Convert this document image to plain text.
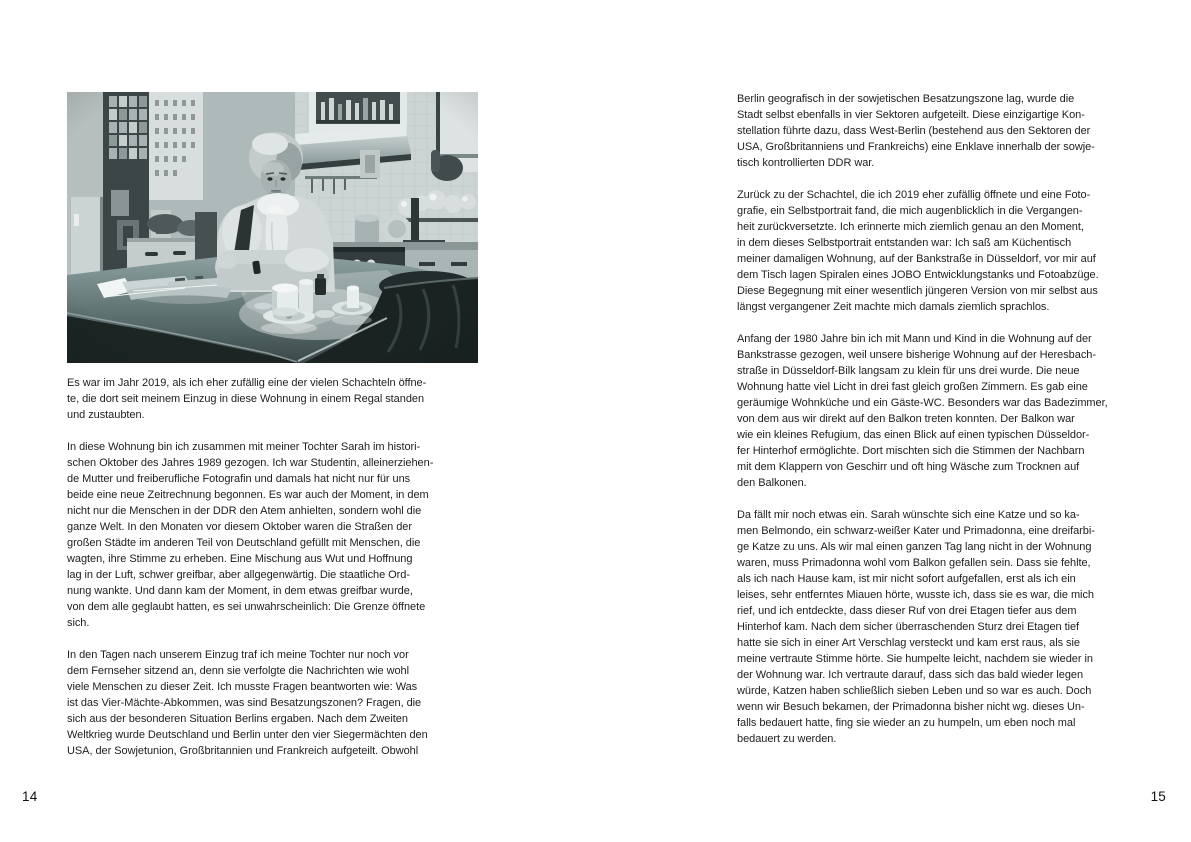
Es war im Jahr 2019, als ich eher zufällig eine der vielen Schachteln öffne-
te, die dort seit meinem Einzug in diese Wohnung in einem Regal standen
und zustaubten.

In diese Wohnung bin ich zusammen mit meiner Tochter Sarah im histori-
schen Oktober des Jahres 1989 gezogen. Ich war Studentin, alleinerziehen-
de Mutter und freiberufliche Fotografin und damals hat nicht nur für uns
beide eine neue Zeitrechnung begonnen. Es war auch der Moment, in dem
nicht nur die Menschen in der DDR den Atem anhielten, sondern wohl die
ganze Welt. In den Monaten vor diesem Oktober waren die Straßen der
großen Städte im anderen Teil von Deutschland gefüllt mit Menschen, die
wagten, ihre Stimme zu erheben. Eine Mischung aus Wut und Hoffnung
lag in der Luft, schwer greifbar, aber allgegenwärtig. Die staatliche Ord-
nung wankte. Und dann kam der Moment, in dem etwas greifbar wurde,
von dem alle geglaubt hatten, es sei unwahrscheinlich: Die Grenze öffnete
sich.

In den Tagen nach unserem Einzug traf ich meine Tochter nur noch vor
dem Fernseher sitzend an, denn sie verfolgte die Nachrichten wie wohl
viele Menschen zu dieser Zeit. Ich musste Fragen beantworten wie: Was
ist das Vier-Mächte-Abkommen, was sind Besatzungszonen? Fragen, die
sich aus der besonderen Situation Berlins ergaben. Nach dem Zweiten
Weltkrieg wurde Deutschland und Berlin unter den vier Siegermächten den
USA, der Sowjetunion, Großbritannien und Frankreich aufgeteilt. Obwohl

14

Berlin geografisch in der sowjetischen Besatzungszone lag, wurde die
Stadt selbst ebenfalls in vier Sektoren aufgeteilt. Diese einzigartige Kon-
stellation führte dazu, dass West-Berlin (bestehend aus den Sektoren der
USA, Großbritanniens und Frankreichs) eine Enklave innerhalb der sowje-
tisch kontrollierten DDR war.

Zurück zu der Schachtel, die ich 2019 eher zufällig öffnete und eine Foto-
grafie, ein Selbstportrait fand, die mich augenblicklich in die Vergangen-
heit zurückversetzte. Ich erinnerte mich ziemlich genau an den Moment,
in dem dieses Selbstportrait entstanden war: Ich saß am Küchentisch
meiner damaligen Wohnung, auf der Bankstraße in Düsseldorf, vor mir auf
dem Tisch lagen Spiralen eines JOBO Entwicklungstanks und Fotoabzüge.
Diese Begegnung mit einer wesentlich jüngeren Version von mir selbst aus
längst vergangener Zeit machte mich damals ziemlich sprachlos.

Anfang der 1980 Jahre bin ich mit Mann und Kind in die Wohnung auf der
Bankstrasse gezogen, weil unsere bisherige Wohnung auf der Heresbach-
straße in Düsseldorf-Bilk langsam zu klein für uns drei wurde. Die neue
Wohnung hatte viel Licht in drei fast gleich großen Zimmern. Es gab eine
geräumige Wohnküche und ein Gäste-WC. Besonders war das Badezimmer,
von dem aus wir direkt auf den Balkon treten konnten. Der Balkon war
wie ein kleines Refugium, das einen Blick auf einen typischen Düsseldor-
fer Hinterhof ermöglichte. Dort mischten sich die Stimmen der Nachbarn
mit dem Klappern von Geschirr und oft hing Wäsche zum Trocknen auf
den Balkonen.

Da fällt mir noch etwas ein. Sarah wünschte sich eine Katze und so ka-
men Belmondo, ein schwarz-weißer Kater und Primadonna, eine dreifarbi-
ge Katze zu uns. Als wir mal einen ganzen Tag lang nicht in der Wohnung
waren, muss Primadonna wohl vom Balkon gefallen sein. Dass sie fehlte,
als ich nach Hause kam, ist mir nicht sofort aufgefallen, erst als ich ein
leises, sehr entferntes Miauen hörte, wusste ich, dass sie es war, die mich
rief, und ich entdeckte, dass dieser Ruf von drei Etagen tiefer aus dem
Hinterhof kam. Nach dem sicher überraschenden Sturz drei Etagen tief
hatte sie sich in einer Art Verschlag versteckt und kam erst raus, als sie
meine vertraute Stimme hörte. Sie humpelte leicht, nachdem sie wieder in
der Wohnung war. Ich vertraute darauf, dass sich das bald wieder legen
würde, Katzen haben schließlich sieben Leben und so war es auch. Doch
wenn wir Besuch bekamen, der Primadonna bisher nicht wg. dieses Un-
falls bedauert hatte, fing sie wieder an zu humpeln, um eben noch mal
bedauert zu werden.

15
